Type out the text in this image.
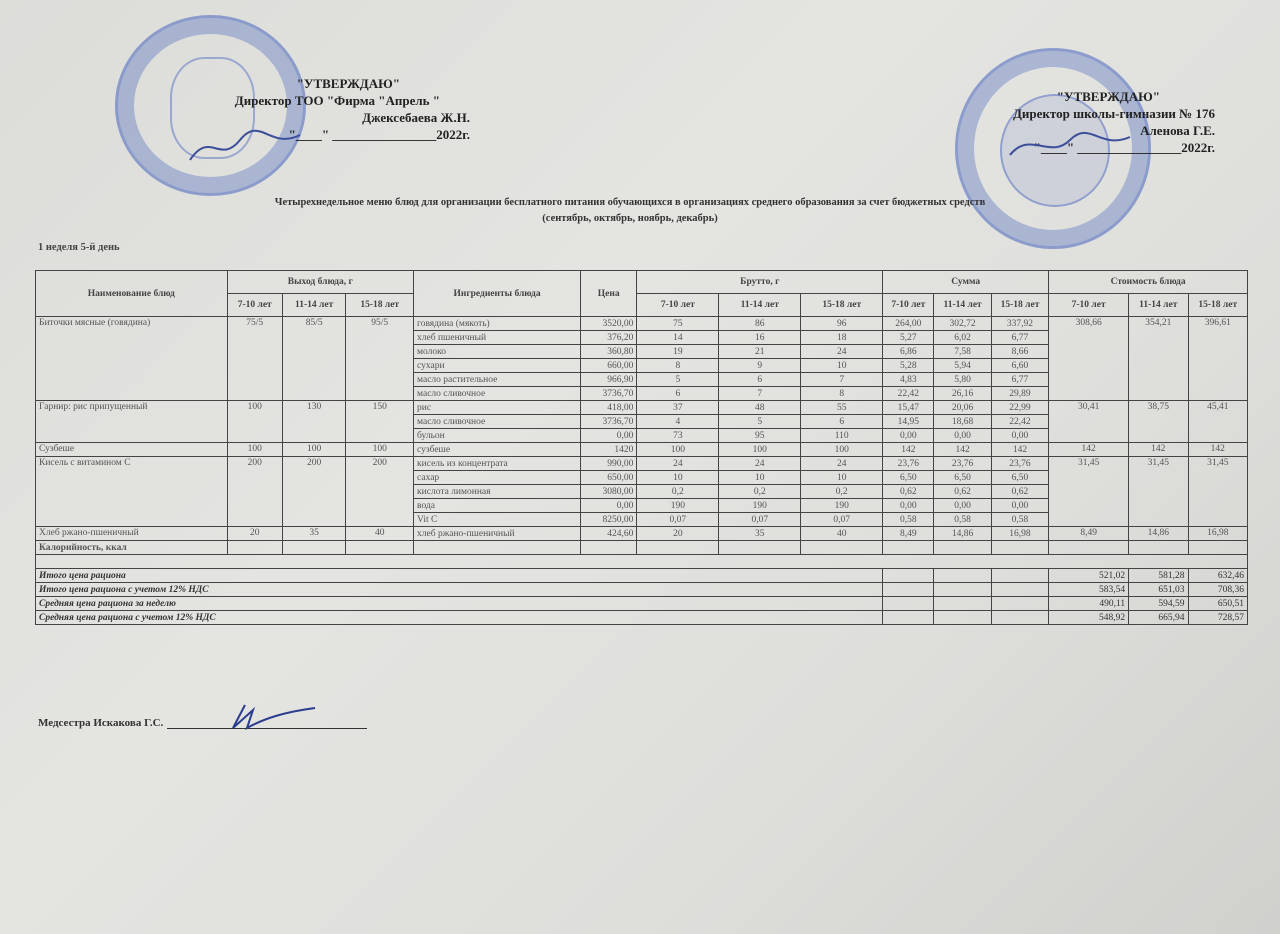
"УТВЕРЖДАЮ"
Директор ТОО "Фирма "Апрель "
Джексебаева Ж.Н.
"____" ________________2022г.
"УТВЕРЖДАЮ"
Директор школы-гимназии № 176
Аленова Г.Е.
"____" ________________2022г.
Четырехнедельное меню блюд для организации бесплатного питания обучающихся в организациях среднего образования за счет бюджетных средств
(сентябрь, октябрь, ноябрь, декабрь)
1 неделя 5-й день
Наименование блюд	Выход блюда, г			Ингредиенты блюда	Цена	Брутто, г			Сумма			Стоимость блюда		
	7-10 лет	11-14 лет	15-18 лет			7-10 лет	11-14 лет	15-18 лет	7-10 лет	11-14 лет	15-18 лет	7-10 лет	11-14 лет	15-18 лет
Биточки мясные (говядина)	75/5	85/5	95/5	говядина (мякоть)	3520,00	75	86	96	264,00	302,72	337,92	308,66	354,21	396,61
				хлеб пшеничный	376,20	14	16	18	5,27	6,02	6,77			
				молоко	360,80	19	21	24	6,86	7,58	8,66			
				сухари	660,00	8	9	10	5,28	5,94	6,60			
				масло растительное	966,90	5	6	7	4,83	5,80	6,77			
				масло сливочное	3736,70	6	7	8	22,42	26,16	29,89			
Гарнир: рис припущенный	100	130	150	рис	418,00	37	48	55	15,47	20,06	22,99	30,41	38,75	45,41
				масло сливочное	3736,70	4	5	6	14,95	18,68	22,42			
				бульон	0,00	73	95	110	0,00	0,00	0,00			
Сузбеше	100	100	100	сузбеше	1420	100	100	100	142	142	142	142	142	142
Кисель с витамином С	200	200	200	кисель из концентрата	990,00	24	24	24	23,76	23,76	23,76	31,45	31,45	31,45
				сахар	650,00	10	10	10	6,50	6,50	6,50			
				кислота лимонная	3080,00	0,2	0,2	0,2	0,62	0,62	0,62			
				вода	0,00	190	190	190	0,00	0,00	0,00			
				Vit C	8250,00	0,07	0,07	0,07	0,58	0,58	0,58			
Хлеб ржано-пшеничный	20	35	40	хлеб ржано-пшеничный	424,60	20	35	40	8,49	14,86	16,98	8,49	14,86	16,98
Калорийность, ккал														

Итого цена рациона												521,02	581,28	632,46
Итого цена рациона с учетом 12% НДС												583,54	651,03	708,36
Средняя цена рациона за неделю												490,11	594,59	650,51
Средняя цена рациона с учетом 12% НДС												548,92	665,94	728,57
Медсестра Искакова Г.С.
